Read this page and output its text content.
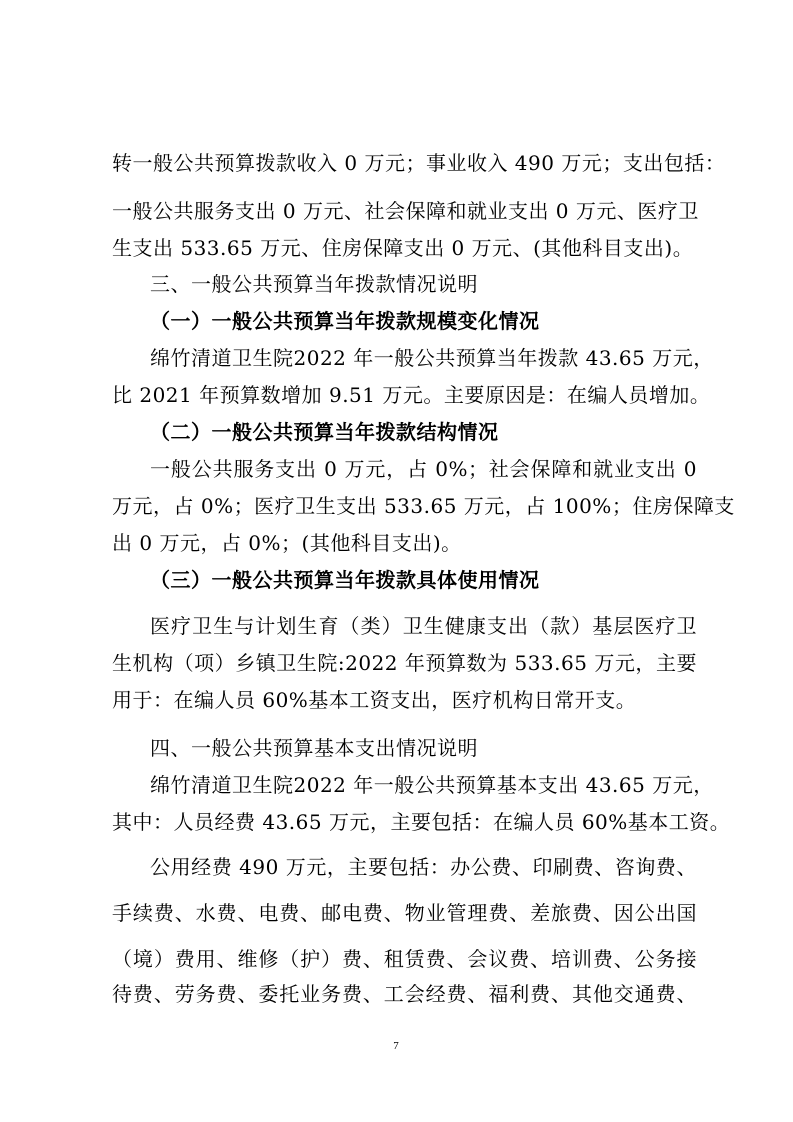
转一般公共预算拨款收入 0 万元；事业收入 490 万元；支出包括：
一般公共服务支出 0 万元、社会保障和就业支出 0 万元、医疗卫
生支出 533.65 万元、住房保障支出 0 万元、(其他科目支出)。
三、一般公共预算当年拨款情况说明
（一）一般公共预算当年拨款规模变化情况
绵竹清道卫生院2022 年一般公共预算当年拨款 43.65 万元，
比 2021 年预算数增加 9.51 万元。主要原因是：在编人员增加。
（二）一般公共预算当年拨款结构情况
一般公共服务支出 0 万元，占 0%；社会保障和就业支出 0
万元，占 0%；医疗卫生支出 533.65 万元，占 100%；住房保障支
出 0 万元，占 0%；(其他科目支出)。
（三）一般公共预算当年拨款具体使用情况
医疗卫生与计划生育（类）卫生健康支出（款）基层医疗卫
生机构（项）乡镇卫生院:2022 年预算数为 533.65 万元，主要
用于：在编人员 60%基本工资支出，医疗机构日常开支。
四、一般公共预算基本支出情况说明
绵竹清道卫生院2022 年一般公共预算基本支出 43.65 万元，
其中：人员经费 43.65 万元，主要包括：在编人员 60%基本工资。
公用经费 490 万元，主要包括：办公费、印刷费、咨询费、
手续费、水费、电费、邮电费、物业管理费、差旅费、因公出国
（境）费用、维修（护）费、租赁费、会议费、培训费、公务接
待费、劳务费、委托业务费、工会经费、福利费、其他交通费、
7
